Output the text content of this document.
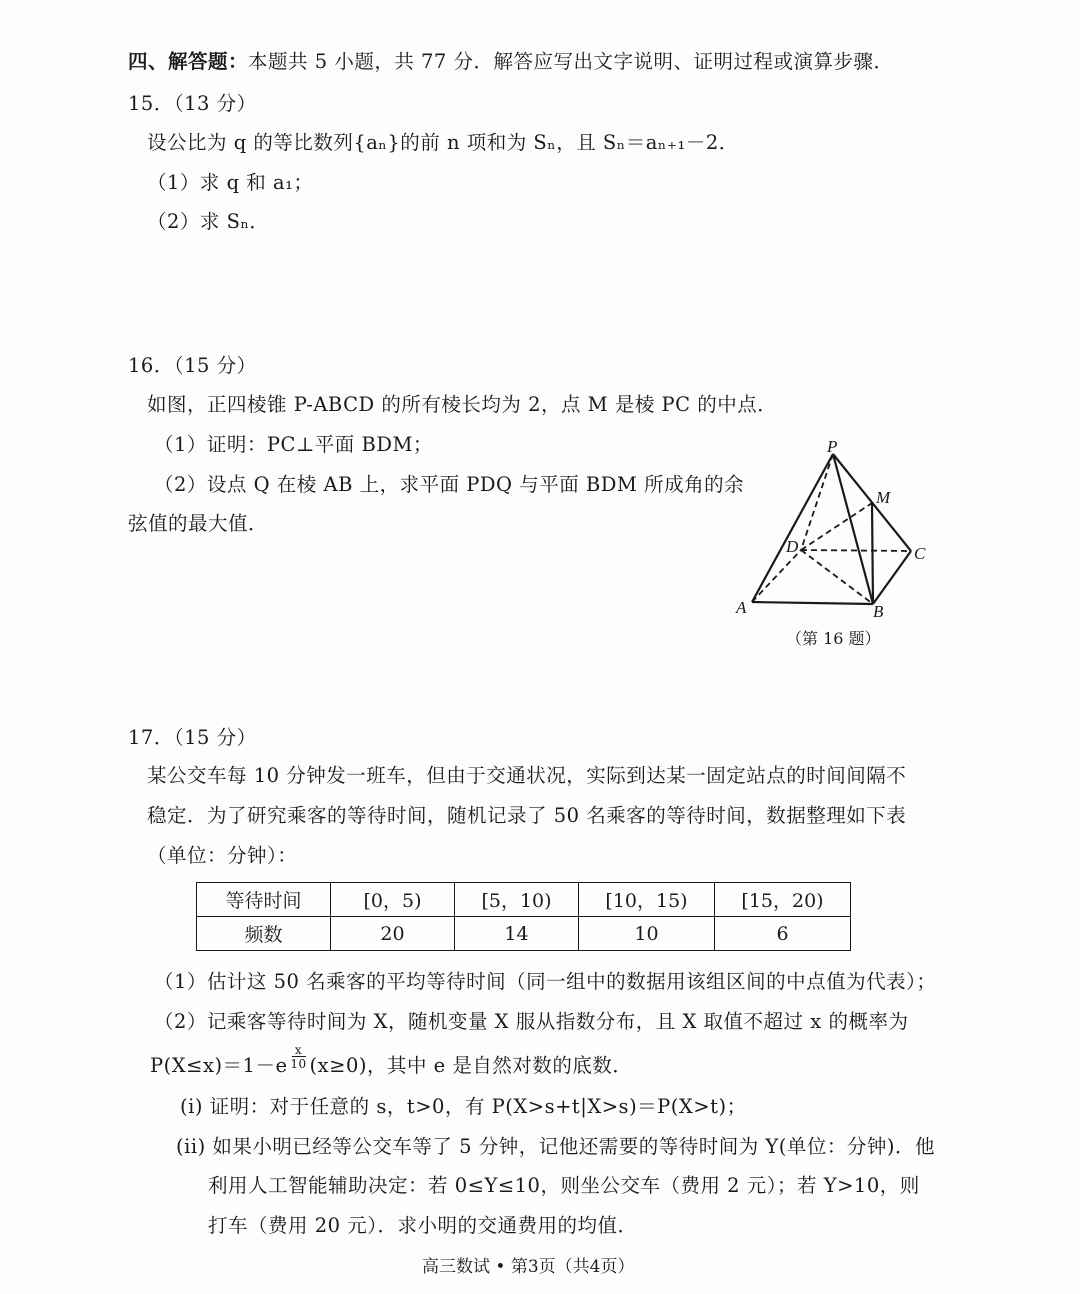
四、解答题：本题共 5 小题，共 77 分．解答应写出文字说明、证明过程或演算步骤．
15．（13 分）
设公比为 q 的等比数列{aₙ}的前 n 项和为 Sₙ，且 Sₙ＝aₙ₊₁－2．
（1）求 q 和 a₁；
（2）求 Sₙ．
16．（15 分）
如图，正四棱锥 P-ABCD 的所有棱长均为 2，点 M 是棱 PC 的中点．
（1）证明：PC⊥平面 BDM；
（2）设点 Q 在棱 AB 上，求平面 PDQ 与平面 BDM 所成角的余
弦值的最大值．
P
M
D	C
A	B
（第 16 题）
17．（15 分）
某公交车每 10 分钟发一班车，但由于交通状况，实际到达某一固定站点的时间间隔不
稳定．为了研究乘客的等待时间，随机记录了 50 名乘客的等待时间，数据整理如下表
（单位：分钟）：
等待时间	[0，5)	[5，10)	[10，15)	[15，20)
频数	20	14	10	6
（1）估计这 50 名乘客的平均等待时间（同一组中的数据用该组区间的中点值为代表）；
（2）记乘客等待时间为 X，随机变量 X 服从指数分布，且 X 取值不超过 x 的概率为
$P(X\le x)=1-e \frac{x}{10} (x\ge 0)$，其中 e 是自然对数的底数．
(i) 证明：对于任意的 s，t>0，有 P(X>s+t|X>s)＝P(X>t)；
(ii) 如果小明已经等公交车等了 5 分钟，记他还需要的等待时间为 Y(单位：分钟)．他
利用人工智能辅助决定：若 0≤Y≤10，则坐公交车（费用 2 元）；若 Y>10，则
打车（费用 20 元）．求小明的交通费用的均值．
高三数试 • 第3页（共4页）
